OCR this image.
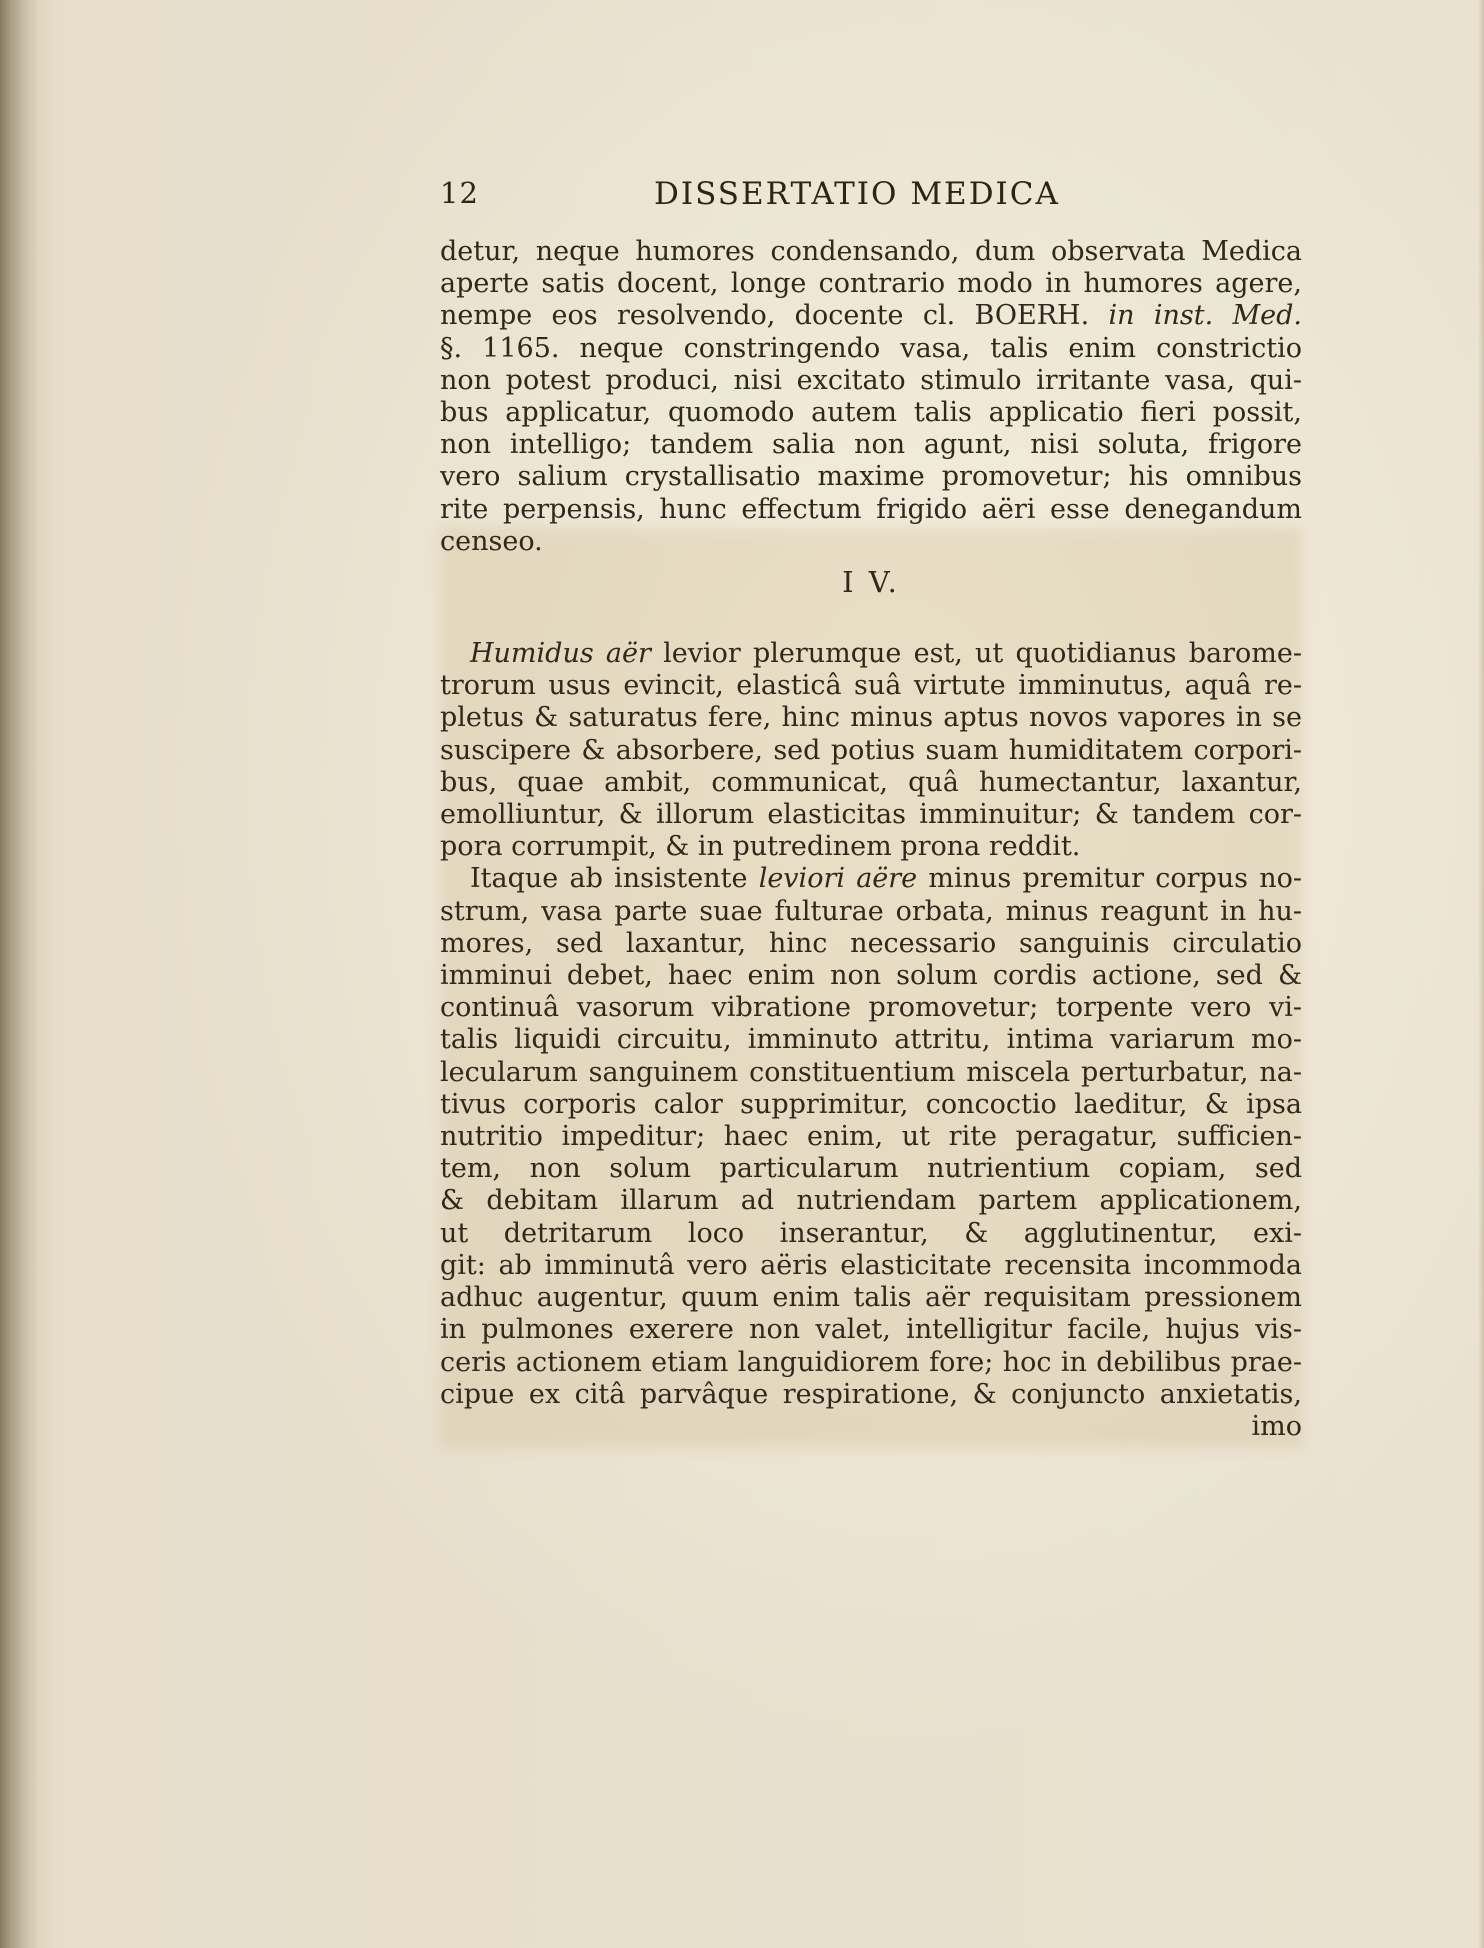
12	DISSERTATIO MEDICA
detur, neque humores condensando, dum observata Medica
aperte satis docent, longe contrario modo in humores agere,
nempe eos resolvendo, docente cl. BOERH. in inst. Med.
§. 1165. neque constringendo vasa, talis enim constrictio
non potest produci, nisi excitato stimulo irritante vasa, qui-
bus applicatur, quomodo autem talis applicatio fieri possit,
non intelligo; tandem salia non agunt, nisi soluta, frigore
vero salium crystallisatio maxime promovetur; his omnibus
rite perpensis, hunc effectum frigido aëri esse denegandum
censeo.
I V.
Humidus aër levior plerumque est, ut quotidianus barome-
trorum usus evincit, elasticâ suâ virtute imminutus, aquâ re-
pletus & saturatus fere, hinc minus aptus novos vapores in se
suscipere & absorbere, sed potius suam humiditatem corpori-
bus, quae ambit, communicat, quâ humectantur, laxantur,
emolliuntur, & illorum elasticitas imminuitur; & tandem cor-
pora corrumpit, & in putredinem prona reddit.
Itaque ab insistente leviori aëre minus premitur corpus no-
strum, vasa parte suae fulturae orbata, minus reagunt in hu-
mores, sed laxantur, hinc necessario sanguinis circulatio
imminui debet, haec enim non solum cordis actione, sed &
continuâ vasorum vibratione promovetur; torpente vero vi-
talis liquidi circuitu, imminuto attritu, intima variarum mo-
lecularum sanguinem constituentium miscela perturbatur, na-
tivus corporis calor supprimitur, concoctio laeditur, & ipsa
nutritio impeditur; haec enim, ut rite peragatur, sufficien-
tem, non solum particularum nutrientium copiam, sed
& debitam illarum ad nutriendam partem applicationem,
ut detritarum loco inserantur, & agglutinentur, exi-
git: ab imminutâ vero aëris elasticitate recensita incommoda
adhuc augentur, quum enim talis aër requisitam pressionem
in pulmones exerere non valet, intelligitur facile, hujus vis-
ceris actionem etiam languidiorem fore; hoc in debilibus prae-
cipue ex citâ parvâque respiratione, & conjuncto anxietatis,
imo
